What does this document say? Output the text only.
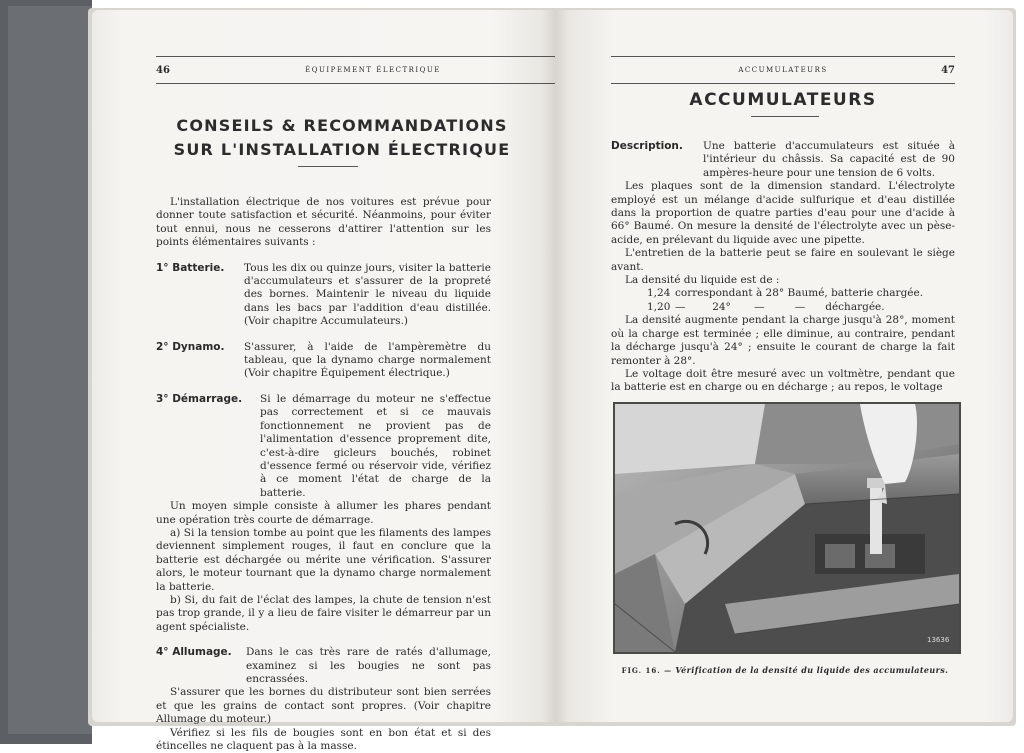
46	ÉQUIPEMENT ÉLECTRIQUE
CONSEILS & RECOMMANDATIONS
SUR L'INSTALLATION ÉLECTRIQUE

L'installation électrique de nos voitures est prévue pour donner toute satisfaction et sécurité. Néanmoins, pour éviter tout ennui, nous ne cesserons d'attirer l'attention sur les points élémentaires suivants :

1° Batterie.	Tous les dix ou quinze jours, visiter la batterie d'accumulateurs et s'assurer de la propreté des bornes. Maintenir le niveau du liquide dans les bacs par l'addition d'eau distillée. (Voir chapitre Accumulateurs.)
2° Dynamo.	S'assurer, à l'aide de l'ampèremètre du tableau, que la dynamo charge normalement (Voir chapitre Équipement électrique.)
3° Démarrage.	Si le démarrage du moteur ne s'effectue pas correctement et si ce mauvais fonctionnement ne provient pas de l'alimentation d'essence proprement dite, c'est-à-dire gicleurs bouchés, robinet d'essence fermé ou réservoir vide, vérifiez à ce moment l'état de charge de la batterie.

Un moyen simple consiste à allumer les phares pendant une opération très courte de démarrage.

a) Si la tension tombe au point que les filaments des lampes deviennent simplement rouges, il faut en conclure que la batterie est déchargée ou mérite une vérification. S'assurer alors, le moteur tournant que la dynamo charge normalement la batterie.

b) Si, du fait de l'éclat des lampes, la chute de tension n'est pas trop grande, il y a lieu de faire visiter le démarreur par un agent spécialiste.

4° Allumage.	Dans le cas très rare de ratés d'allumage, examinez si les bougies ne sont pas encrassées.

S'assurer que les bornes du distributeur sont bien serrées et que les grains de contact sont propres. (Voir chapitre Allumage du moteur.)

Vérifiez si les fils de bougies sont en bon état et si des étincelles ne claquent pas à la masse.

ACCUMULATEURS	47
ACCUMULATEURS
Description.	Une batterie d'accumulateurs est située à l'intérieur du châssis. Sa capacité est de 90 ampères-heure pour une tension de 6 volts.

Les plaques sont de la dimension standard. L'électrolyte employé est un mélange d'acide sulfurique et d'eau distillée dans la proportion de quatre parties d'eau pour une d'acide à 66° Baumé. On mesure la densité de l'électrolyte avec un pèse-acide, en prélevant du liquide avec une pipette.

L'entretien de la batterie peut se faire en soulevant le siège avant.

La densité du liquide est de :

1,24 correspondant à 28° Baumé, batterie chargée.
1,20 —        24°       —         —      déchargée.

La densité augmente pendant la charge jusqu'à 28°, moment où la charge est terminée ; elle diminue, au contraire, pendant la décharge jusqu'à 24° ; ensuite le courant de charge la fait remonter à 28°.

Le voltage doit être mesuré avec un voltmètre, pendant que la batterie est en charge ou en décharge ; au repos, le voltage

13636
FIG. 16. — Vérification de la densité du liquide des accumulateurs.
